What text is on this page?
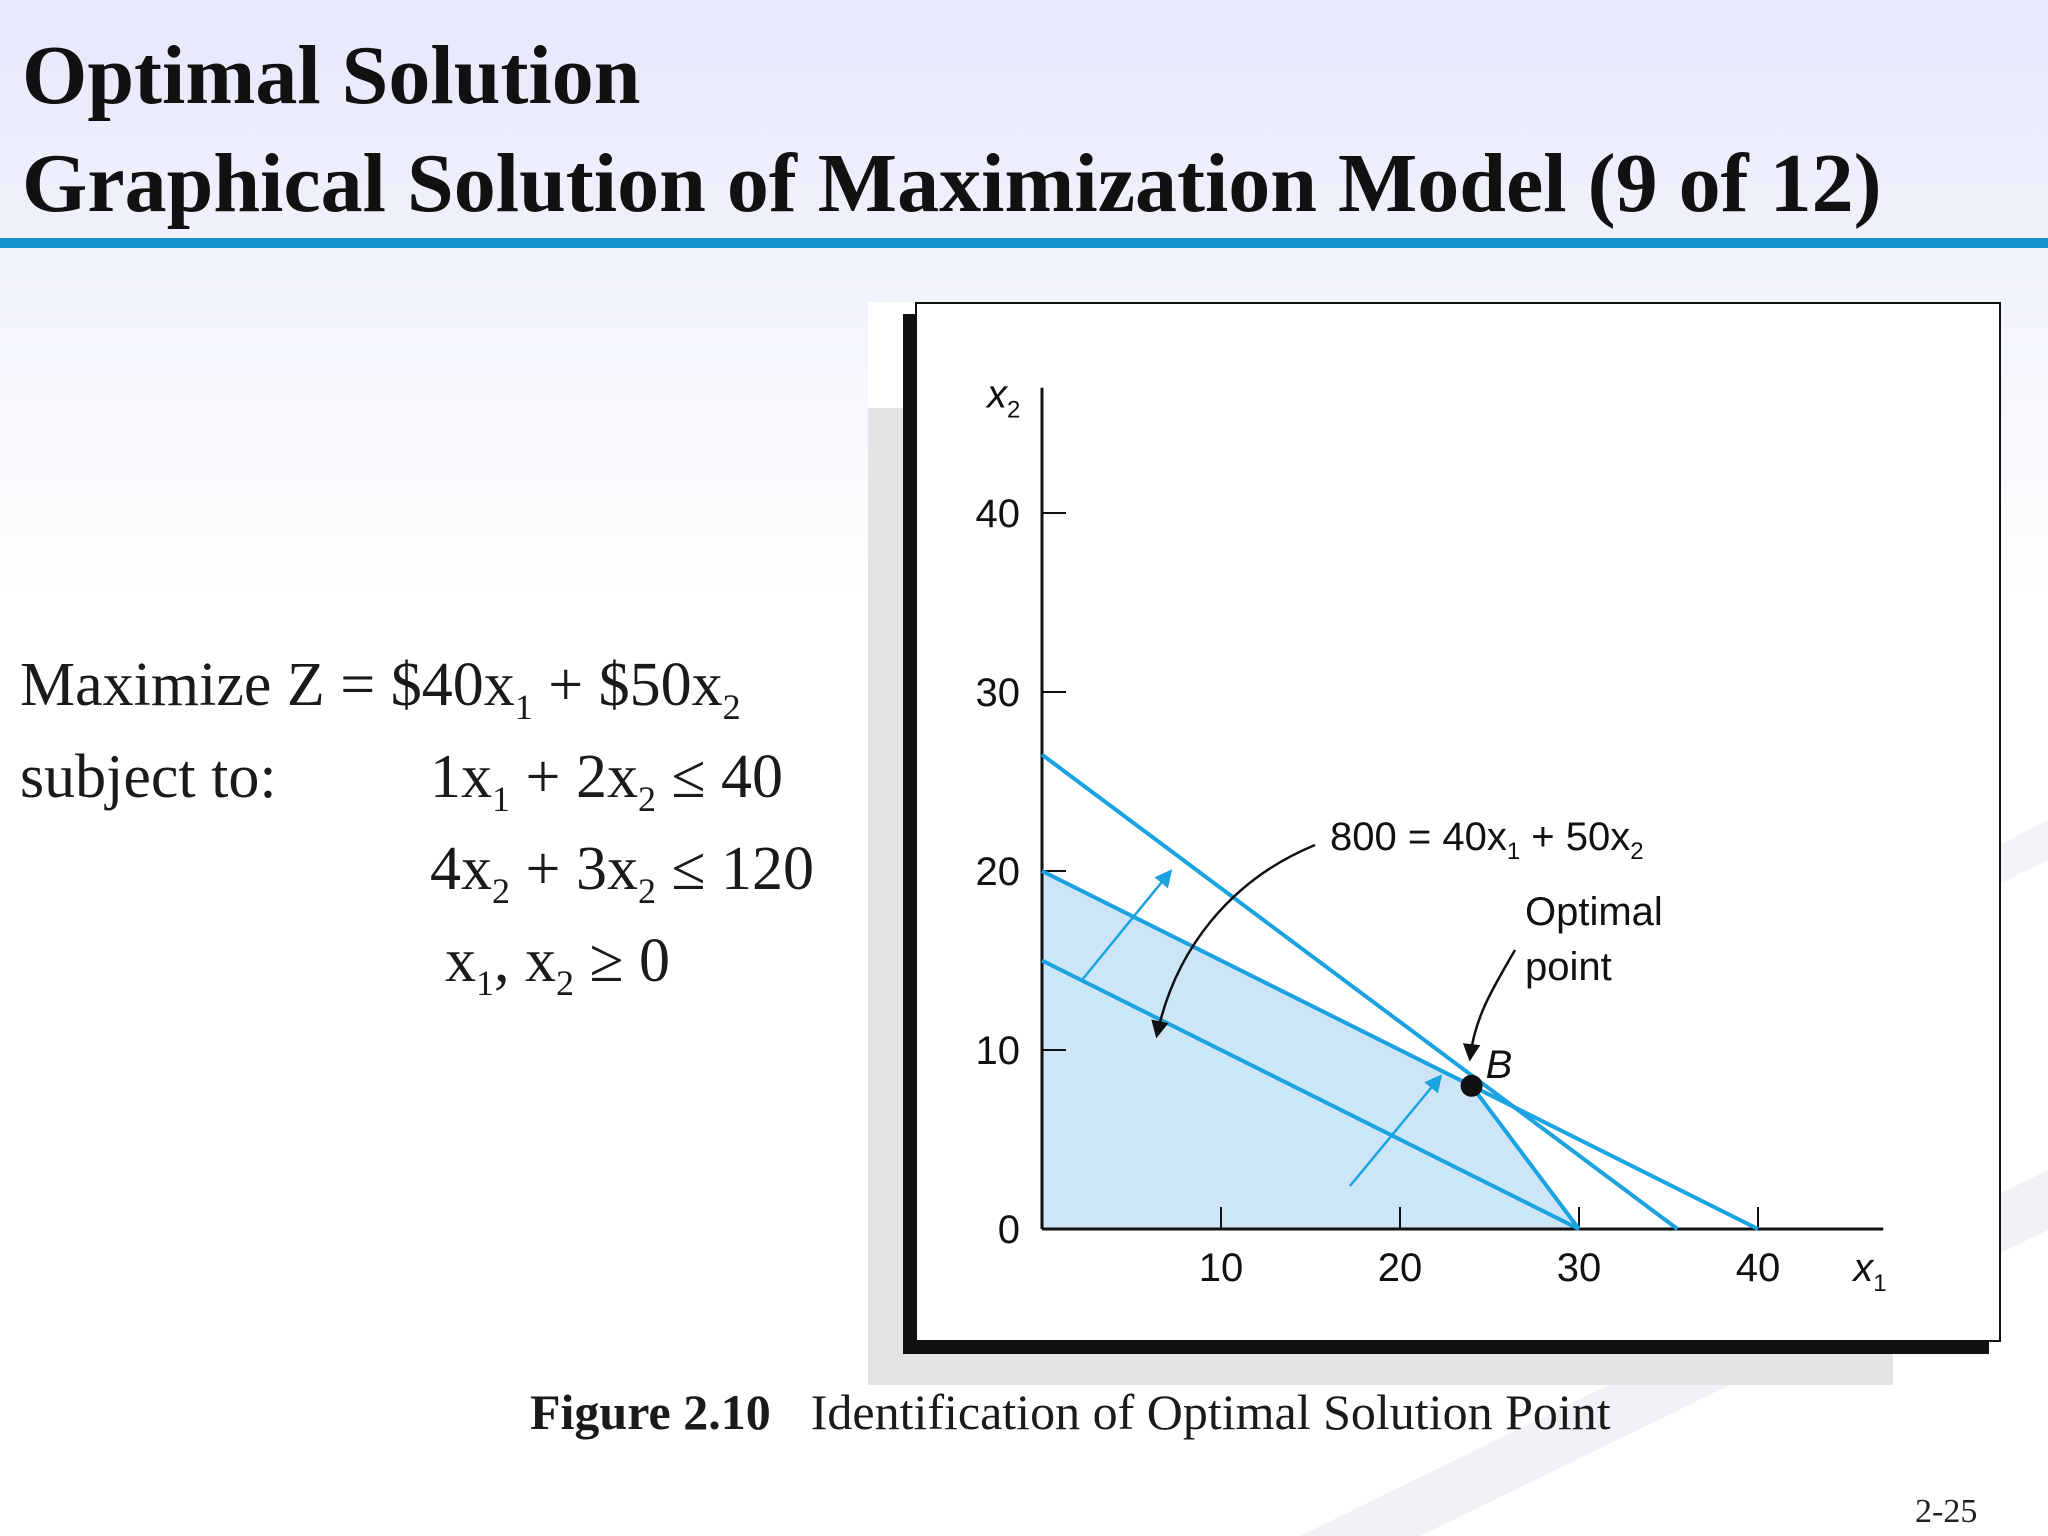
Optimal Solution
Graphical Solution of Maximization Model (9 of 12)
Maximize $Z = \$40x_1$ + $\$50x_2$
subject to: $1x_1 + 2x_2 \le 40$
$4x_2 + 3x_2 \le 120$
$x_1$, $x_2 \ge 0$
$800 = 40x_1 + 50x_2$
Optimal
point
10	20	30	40
0
10
20
30
40
$x_1$
$x_2$
B
Figure 2.10 Identification of Optimal Solution Point
2-25
